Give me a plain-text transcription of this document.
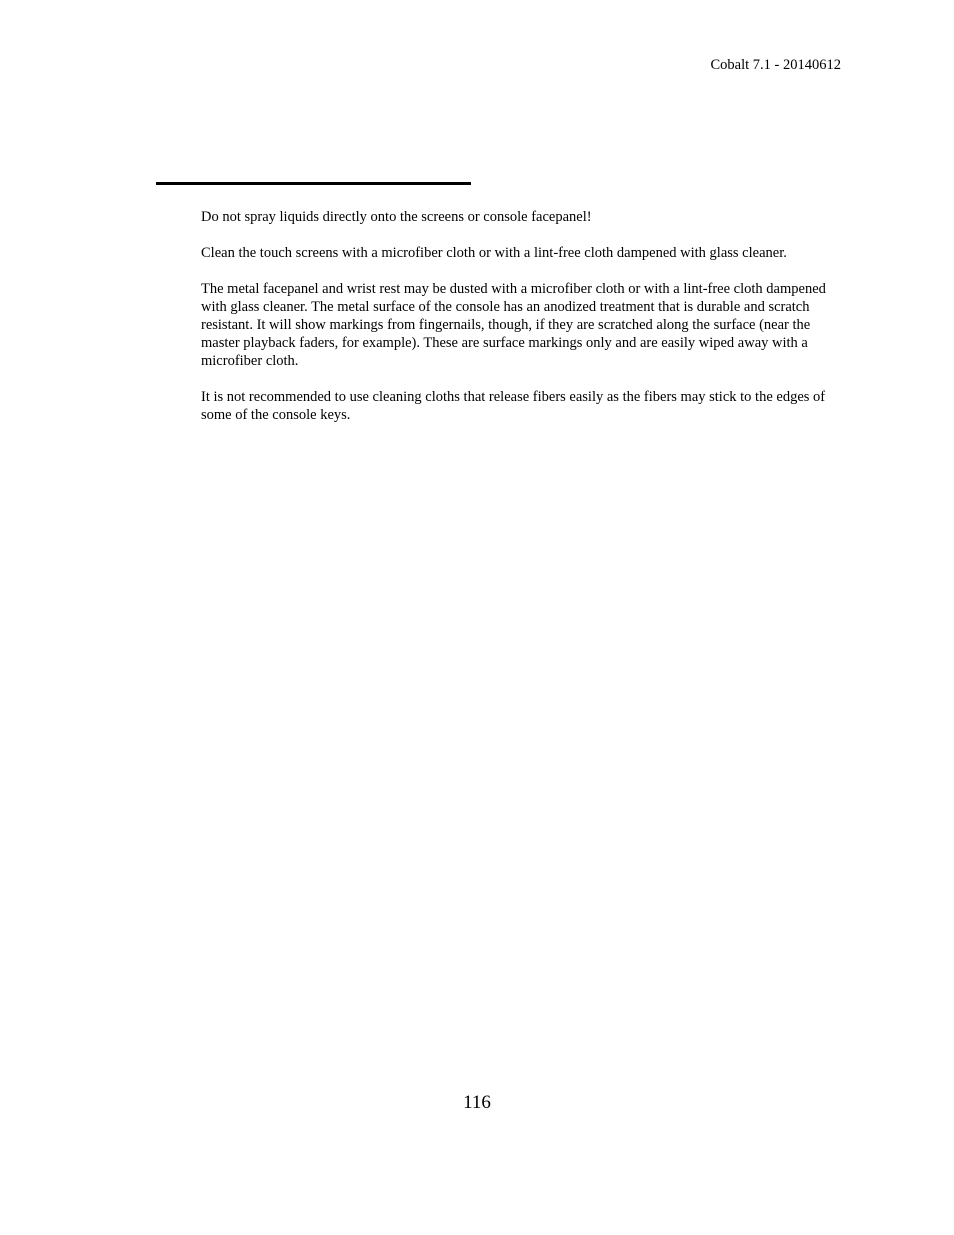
Cobalt 7.1 - 20140612

Do not spray liquids directly onto the screens or console facepanel!

Clean the touch screens with a microfiber cloth or with a lint-free cloth dampened with glass cleaner.

The metal facepanel and wrist rest may be dusted with a microfiber cloth or with a lint-free cloth dampened with glass cleaner. The metal surface of the console has an anodized treatment that is durable and scratch resistant. It will show markings from fingernails, though, if they are scratched along the surface (near the master playback faders, for example). These are surface markings only and are easily wiped away with a microfiber cloth.

It is not recommended to use cleaning cloths that release fibers easily as the fibers may stick to the edges of some of the console keys.

116
